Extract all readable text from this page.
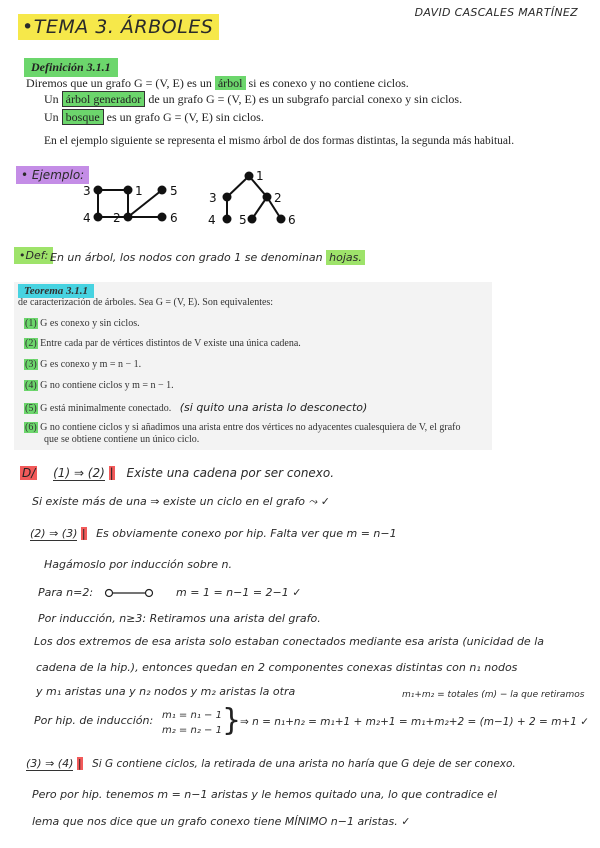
•TEMA 3. ÁRBOLES
DAVID CASCALES MARTÍNEZ
Definición 3.1.1
Diremos que un grafo G = (V, E) es un árbol si es conexo y no contiene ciclos.
Un árbol generador de un grafo G = (V, E) es un subgrafo parcial conexo y sin ciclos.
Un bosque es un grafo G = (V, E) sin ciclos.
En el ejemplo siguiente se representa el mismo árbol de dos formas distintas, la segunda más habitual.
• Ejemplo:
3	1 5
4 2	6
1
3	2
4 5	6
•Def: En un árbol, los nodos con grado 1 se denominan hojas.
Teorema 3.1.1
de caracterización de árboles. Sea G = (V, E). Son equivalentes:
(1) G es conexo y sin ciclos.
(2) Entre cada par de vértices distintos de V existe una única cadena.
(3) G es conexo y m = n − 1.
(4) G no contiene ciclos y m = n − 1.
(5) G está minimalmente conectado. (si quito una arista lo desconecto)
(6) G no contiene ciclos y si añadimos una arista entre dos vértices no adyacentes cualesquiera de V, el grafo
que se obtiene contiene un único ciclo.
D/ (1) ⇒ (2) | Existe una cadena por ser conexo.
Si existe más de una ⇒ existe un ciclo en el grafo ⤳ ✓
(2) ⇒ (3) | Es obviamente conexo por hip. Falta ver que m = n−1
Hagámoslo por inducción sobre n.
Para n=2:	m = 1 = n−1 = 2−1 ✓
Por inducción, n≥3: Retiramos una arista del grafo.
Los dos extremos de esa arista solo estaban conectados mediante esa arista (unicidad de la
cadena de la hip.), entonces quedan en 2 componentes conexas distintas con n₁ nodos
y m₁ aristas una y n₂ nodos y m₂ aristas la otra	m₁+m₂ = totales (m) − la que retiramos
Por hip. de inducción: m₁ = n₁ − 1
m₂ = n₂ − 1 }
⇒ n = n₁+n₂ = m₁+1 + m₂+1 = m₁+m₂+2 = (m−1) + 2 = m+1 ✓
(3) ⇒ (4) | Si G contiene ciclos, la retirada de una arista no haría que G deje de ser conexo.
Pero por hip. tenemos m = n−1 aristas y le hemos quitado una, lo que contradice el
lema que nos dice que un grafo conexo tiene MÍNIMO n−1 aristas. ✓
